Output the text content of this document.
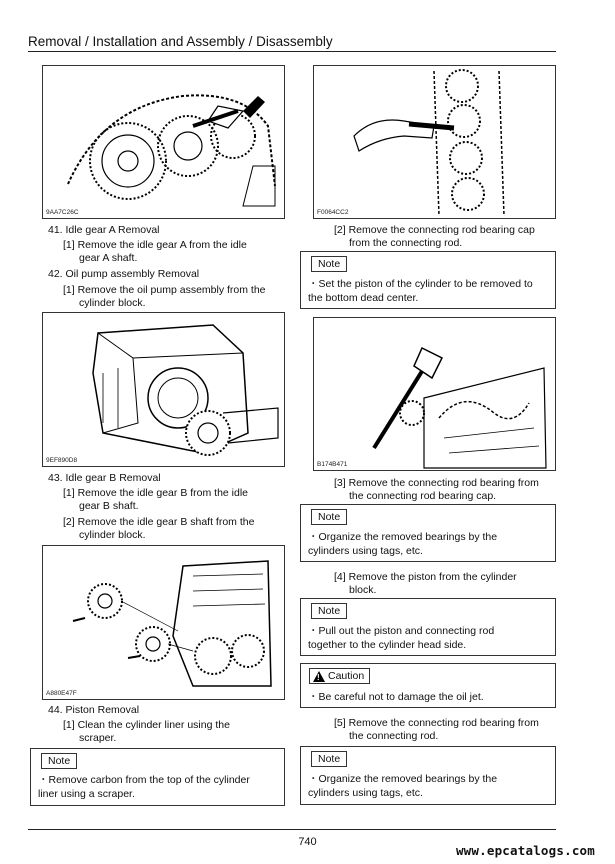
Removal / Installation and Assembly / Disassembly
9AA7C26C
41. Idle gear A Removal
[1] Remove the idle gear A from the idle
gear A shaft.
42. Oil pump assembly Removal
[1] Remove the oil pump assembly from the
cylinder block.
9EF890D8
43. Idle gear B Removal
[1] Remove the idle gear B from the idle
gear B shaft.
[2] Remove the idle gear B shaft from the
cylinder block.
A880E47F
44. Piston Removal
[1] Clean the cylinder liner using the
scraper.
Note
・Remove carbon from the top of the cylinder
liner using a scraper.
F0064CC2
[2] Remove the connecting rod bearing cap
from the connecting rod.
Note
・Set the piston of the cylinder to be removed to
the bottom dead center.
B174B471
[3] Remove the connecting rod bearing from
the connecting rod bearing cap.
Note
・Organize the removed bearings by the
cylinders using tags, etc.
[4] Remove the piston from the cylinder
block.
Note
・Pull out the piston and connecting rod
together to the cylinder head side.
!
Caution
・Be careful not to damage the oil jet.
[5] Remove the connecting rod bearing from
the connecting rod.
Note
・Organize the removed bearings by the
cylinders using tags, etc.
740
www.epcatalogs.com
